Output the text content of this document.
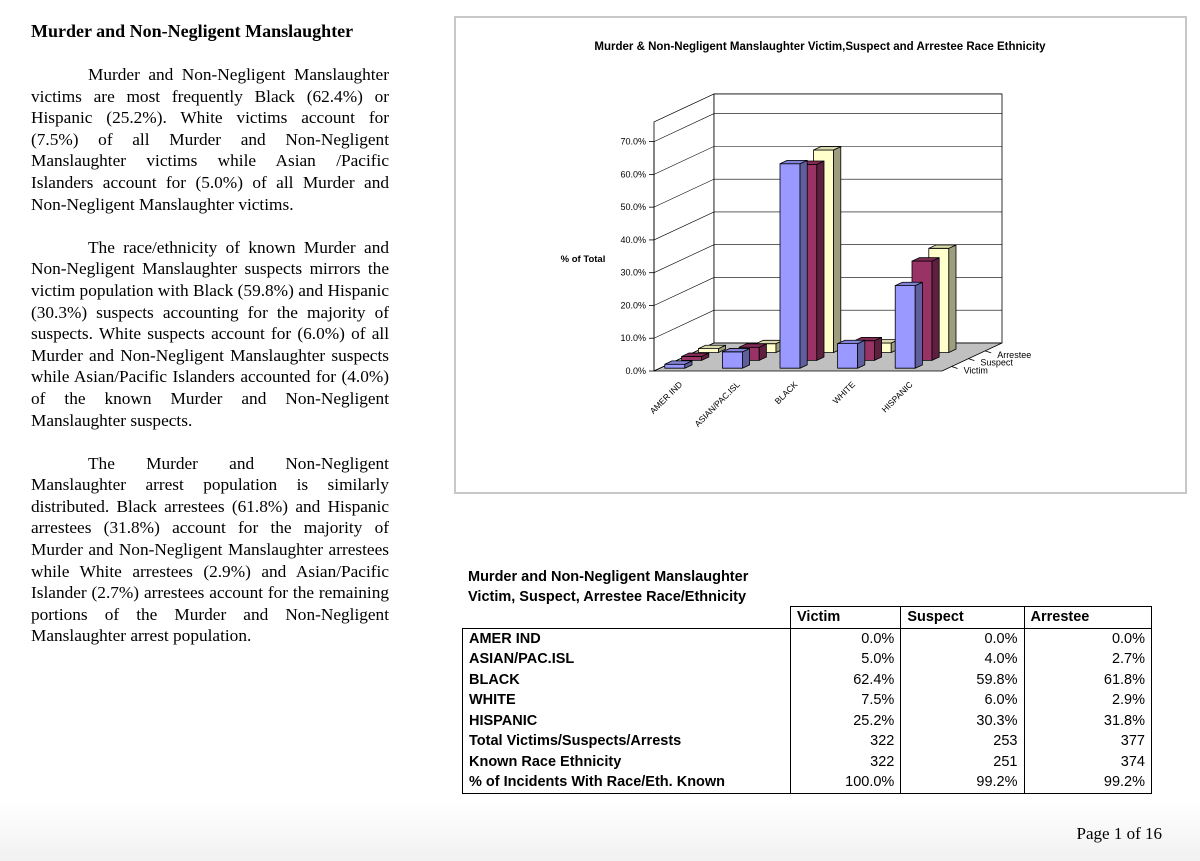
Murder and Non-Negligent Manslaughter

Murder and Non-Negligent Manslaughter victims are most frequently Black (62.4%) or Hispanic (25.2%). White victims account for (7.5%) of all Murder and Non-Negligent Manslaughter victims while Asian /Pacific Islanders account for (5.0%) of all Murder and Non-Negligent Manslaughter victims.

The race/ethnicity of known Murder and Non-Negligent Manslaughter suspects mirrors the victim population with Black (59.8%) and Hispanic (30.3%) suspects accounting for the majority of suspects. White suspects account for (6.0%) of all Murder and Non-Negligent Manslaughter suspects while Asian/Pacific Islanders accounted for (4.0%) of the known Murder and Non-Negligent Manslaughter suspects.

The Murder and Non-Negligent Manslaughter arrest population is similarly distributed. Black arrestees (61.8%) and Hispanic arrestees (31.8%) account for the majority of Murder and Non-Negligent Manslaughter arrestees while White arrestees (2.9%) and Asian/Pacific Islander (2.7%) arrestees account for the remaining portions of the Murder and Non-Negligent Manslaughter arrest population.

Murder & Non-Negligent Manslaughter Victim,Suspect and Arrestee Race Ethnicity
0.0%
10.0%
20.0%
30.0%
40.0%
50.0%
60.0%
70.0%
% of Total
AMER IND ASIAN/PAC.ISL	BLACK	WHITE	HISPANIC
Victim
Suspect
Arrestee
Murder and Non-Negligent Manslaughter
Victim, Suspect, Arrestee Race/Ethnicity
	Victim	Suspect	Arrestee
AMER IND	0.0%	0.0%	0.0%
ASIAN/PAC.ISL	5.0%	4.0%	2.7%
BLACK	62.4%	59.8%	61.8%
WHITE	7.5%	6.0%	2.9%
HISPANIC	25.2%	30.3%	31.8%
Total Victims/Suspects/Arrests	322	253	377
Known Race Ethnicity	322	251	374
% of Incidents With Race/Eth. Known	100.0%	99.2%	99.2%
Page 1 of 16
